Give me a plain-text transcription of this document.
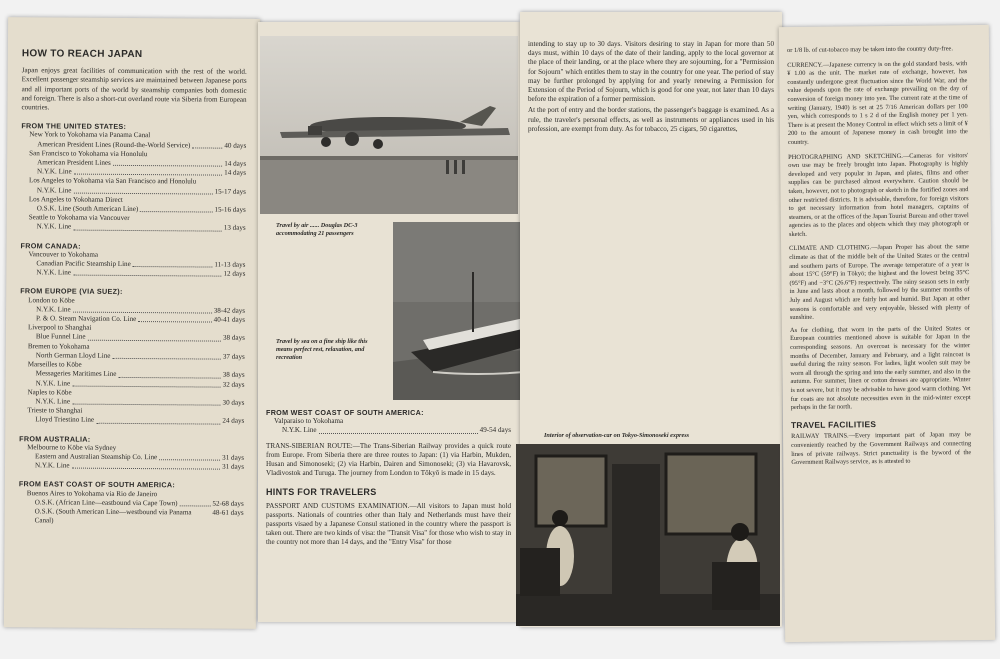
HOW TO REACH JAPAN
Japan enjoys great facilities of communication with the rest of the world. Excellent passenger steamship services are maintained between Japanese ports and all important ports of the world by steamship companies both domestic and foreign. There is also a short-cut overland route via Siberia from European countries.
FROM THE UNITED STATES:
New York to Yokohama via Panama Canal
American President Lines (Round-the-World Service)	40 days
San Francisco to Yokohama via Honolulu
American President Lines	14 days
N.Y.K. Line	14 days
Los Angeles to Yokohama via San Francisco and Honolulu
N.Y.K. Line	15-17 days
Los Angeles to Yokohama Direct
O.S.K. Line (South American Line)	15-16 days
Seattle to Yokohama via Vancouver
N.Y.K. Line	13 days
FROM CANADA:
Vancouver to Yokohama
Canadian Pacific Steamship Line	11-13 days
N.Y.K. Line	12 days
FROM EUROPE (VIA SUEZ):
London to Kōbe
N.Y.K. Line	38-42 days
P. & O. Steam Navigation Co. Line	40-41 days
Liverpool to Shanghai
Blue Funnel Line	38 days
Bremen to Yokohama
North German Lloyd Line	37 days
Marseilles to Kōbe
Messageries Maritimes Line	38 days
N.Y.K. Line	32 days
Naples to Kōbe
N.Y.K. Line	30 days
Trieste to Shanghai
Lloyd Triestino Line	24 days
FROM AUSTRALIA:
Melbourne to Kōbe via Sydney
Eastern and Australian Steamship Co. Line	31 days
N.Y.K. Line	31 days
FROM EAST COAST OF SOUTH AMERICA:
Buenos Aires to Yokohama via Rio de Janeiro
O.S.K. (African Line—eastbound via Cape Town)	52-68 days
O.S.K. (South American Line—westbound via Panama Canal)
48-61 days
Travel by air ...... Douglas DC-3 accommodating 21 passengers
Travel by sea on a fine ship like this means perfect rest, relaxation, and recreation
FROM WEST COAST OF SOUTH AMERICA:
Valparaiso to Yokohama
N.Y.K. Line	49-54 days
TRANS-SIBERIAN ROUTE:—The Trans-Siberian Railway provides a quick route from Europe. From Siberia there are three routes to Japan: (1) via Harbin, Mukden, Husan and Simonoseki; (2) via Harbin, Dairen and Simonoseki; (3) via Havarovsk, Vladivostok and Turuga. The journey from London to Tōkyō is made in 15 days.
HINTS FOR TRAVELERS
PASSPORT AND CUSTOMS EXAMINATION.—All visitors to Japan must hold passports. Nationals of countries other than Italy and Netherlands must have their passports visaed by a Japanese Consul stationed in the country where the passport is taken out. There are two kinds of visa: the "Transit Visa" for those who wish to stay in the country not more than 14 days, and the "Entry Visa" for those
intending to stay up to 30 days. Visitors desiring to stay in Japan for more than 50 days must, within 10 days of the date of their landing, apply to the local governor at the place of their landing, or at the place where they are sojourning, for a "Permission for Sojourn" which entitles them to stay in the country for one year. The period of stay may be further prolonged by applying for and yearly renewing a Permission for Extension of the Period of Sojourn, which is good for one year, not later than 10 days before the expiration of a former permission.
At the port of entry and the border stations, the passenger's baggage is examined. As a rule, the traveler's personal effects, as well as instruments or appliances used in his profession, are exempt from duty. As for tobacco, 25 cigars, 50 cigarettes,
Interior of observation-car on Tokyo-Simonoseki express
or 1/8 lb. of cut-tobacco may be taken into the country duty-free.
CURRENCY.—Japanese currency is on the gold standard basis, with ¥ 1.00 as the unit. The market rate of exchange, however, has constantly undergone great fluctuation since the World War, and the value depends upon the rate of exchange prevailing on the day of conversion of foreign money into yen. The current rate at the time of writing (January, 1940) is set at 25 7/16 American dollars per 100 yen, which corresponds to 1 s 2 d of the English money per 1 yen. There is at present the Money Control in effect which sets a limit of ¥ 200 to the amount of Japanese money in cash brought into the country.
PHOTOGRAPHING AND SKETCHING.—Cameras for visitors' own use may be freely brought into Japan. Photography is highly developed and very popular in Japan, and plates, films and other supplies can be purchased almost everywhere. Caution should be taken, however, not to photograph or sketch in the fortified zones and other restricted districts. It is advisable, therefore, for foreign visitors to get necessary information from hotel managers, captains of steamers, or at the offices of the Japan Tourist Bureau and other travel agencies as to the places and objects which they may photograph or sketch.
CLIMATE AND CLOTHING.—Japan Proper has about the same climate as that of the middle belt of the United States or the central and southern parts of Europe. The average temperature of a year is about 15°C (59°F) in Tōkyō; the highest and the lowest being 35°C (95°F) and −3°C (26.6°F) respectively. The rainy season sets in early in June and lasts about a month, followed by the summer months of July and August which are fairly hot and humid. But Japan at other seasons is comfortable and very enjoyable, blessed with plenty of sunshine.
As for clothing, that worn in the parts of the United States or European countries mentioned above is suitable for Japan in the corresponding seasons. An overcoat is necessary for the winter months of December, January and February, and a light raincoat is useful during the rainy season. For ladies, light woolen suit may be worn all through the spring and into the early summer, and also in the autumn. For summer, linen or cotton dresses are appropriate. Winter is not severe, but it may be advisable to have good warm clothing. Yet fur coats are not absolute necessities even in the mid-winter except perhaps in the far north.
TRAVEL FACILITIES
RAILWAY TRAINS.—Every important part of Japan may be conveniently reached by the Government Railways and connecting lines of private railways. Strict punctuality is the byword of the Government Railways service, as is attested to
